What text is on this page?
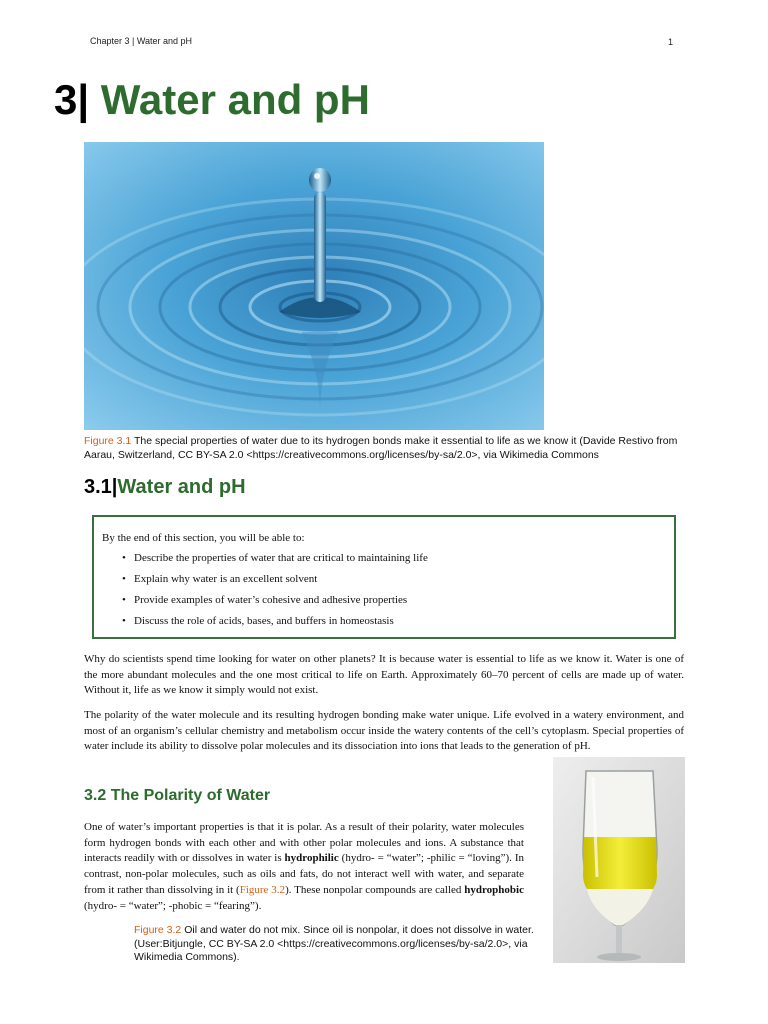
Chapter 3 | Water and pH	1
3| Water and pH
Figure 3.1 The special properties of water due to its hydrogen bonds make it essential to life as we know it (Davide Restivo from Aarau, Switzerland, CC BY-SA 2.0 <https://creativecommons.org/licenses/by-sa/2.0>, via Wikimedia Commons
3.1|Water and pH

By the end of this section, you will be able to:

• Describe the properties of water that are critical to maintaining life
• Explain why water is an excellent solvent
• Provide examples of water’s cohesive and adhesive properties
• Discuss the role of acids, bases, and buffers in homeostasis

Why do scientists spend time looking for water on other planets? It is because water is essential to life as we know it. Water is one of the more abundant molecules and the one most critical to life on Earth. Approximately 60–70 percent of cells are made up of water. Without it, life as we know it simply would not exist.

The polarity of the water molecule and its resulting hydrogen bonding make water unique. Life evolved in a watery environment, and most of an organism’s cellular chemistry and metabolism occur inside the watery contents of the cell’s cytoplasm. Special properties of water include its ability to dissolve polar molecules and its dissociation into ions that leads to the generation of pH.

3.2 The Polarity of Water

One of water’s important properties is that it is polar. As a result of their polarity, water molecules form hydrogen bonds with each other and with other polar molecules and ions. A substance that interacts readily with or dissolves in water is hydrophilic (hydro- = “water”; -philic = “loving”). In contrast, non-polar molecules, such as oils and fats, do not interact well with water, and separate from it rather than dissolving in it (Figure 3.2). These nonpolar compounds are called hydrophobic (hydro- = “water”; -phobic = “fearing”).

Figure 3.2 Oil and water do not mix. Since oil is nonpolar, it does not dissolve in water. (User:Bitjungle, CC BY-SA 2.0 <https://creativecommons.org/licenses/by-sa/2.0>, via Wikimedia Commons).
